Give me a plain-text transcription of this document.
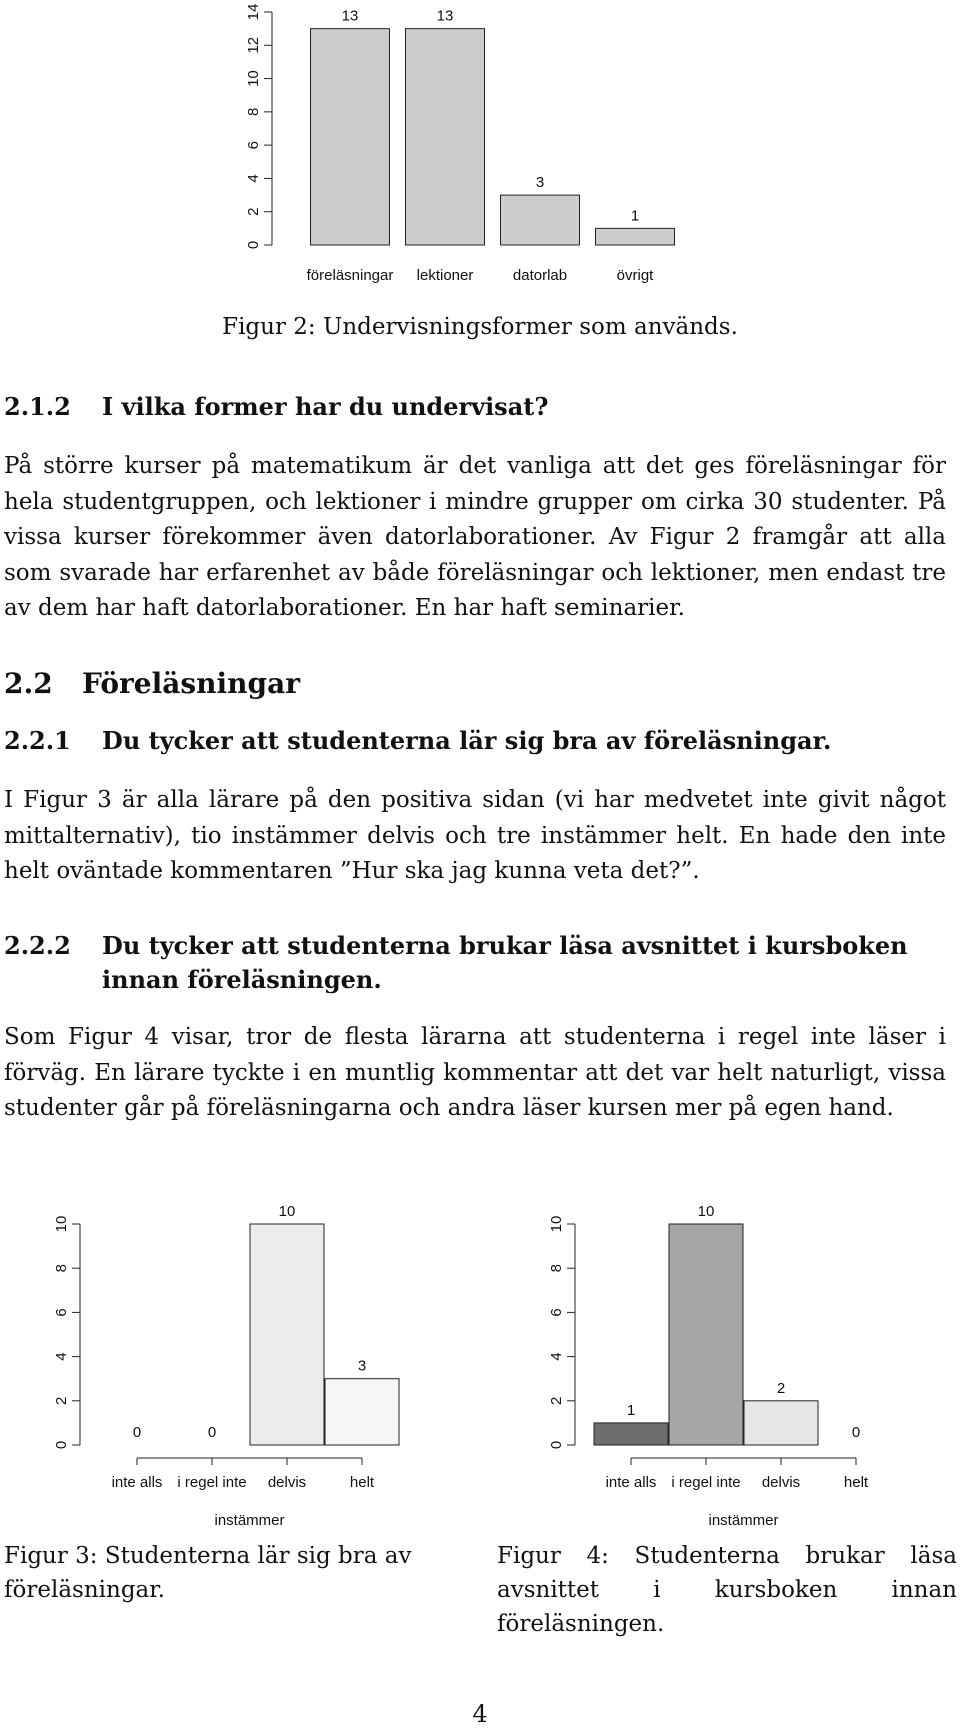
0
2
4
6
8
10
12
14	13	13
3
1
föreläsningar lektioner	datorlab	övrigt

Figur 2: Undervisningsformer som används.

2.1.2 I vilka former har du undervisat?

På större kurser på matematikum är det vanliga att det ges föreläsningar för hela studentgruppen, och lektioner i mindre grupper om cirka 30 studenter. På vissa kurser förekommer även datorlaborationer. Av Figur 2 framgår att alla som svarade har erfarenhet av både föreläsningar och lektioner, men endast tre av dem har haft datorlaborationer. En har haft seminarier.

2.2 Föreläsningar
2.2.1 Du tycker att studenterna lär sig bra av föreläsningar.

I Figur 3 är alla lärare på den positiva sidan (vi har medvetet inte givit något mittalternativ), tio instämmer delvis och tre instämmer helt. En hade den inte helt oväntade kommentaren ”Hur ska jag kunna veta det?”.

2.2.2	Du tycker att studenterna brukar läsa avsnittet i kursboken innan föreläsningen.

Som Figur 4 visar, tror de flesta lärarna att studenterna i regel inte läser i förväg. En lärare tyckte i en muntlig kommentar att det var helt naturligt, vissa studenter går på föreläsningarna och andra läser kursen mer på egen hand.

0
2
4
6
8
10
0	0
10
3
inte alls i regel inte delvis	helt
instämmer

Figur 3: Studenterna lär sig bra av föreläsningar.

0
2
4
6
8
10
1
10
2
0
inte alls i regel inte delvis	helt
instämmer

Figur 4: Studenterna brukar läsa avsnittet i kursboken innan föreläsningen.

4
